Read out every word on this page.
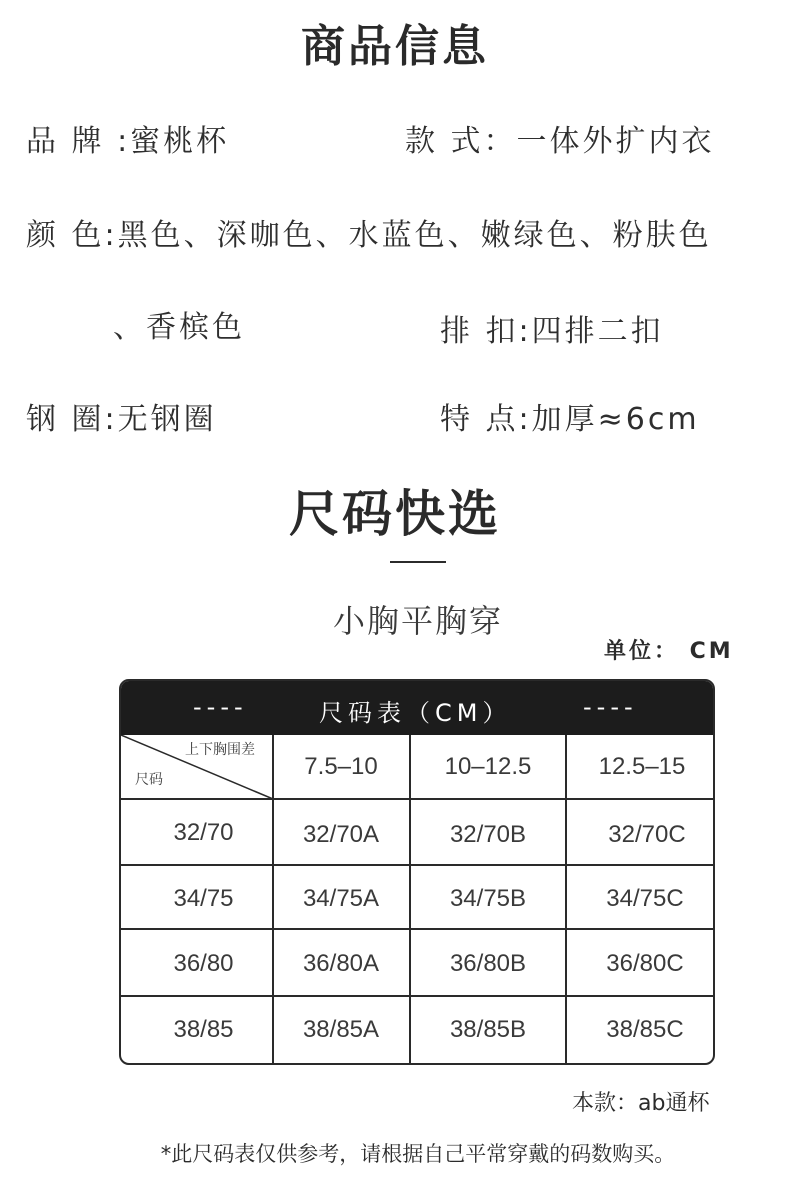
商品信息
品 牌 :蜜桃杯	款 式：一体外扩内衣
颜 色:黑色、深咖色、水蓝色、嫩绿色、粉肤色
、香槟色	排 扣:四排二扣
钢 圈:无钢圈	特 点:加厚≈6cm
尺码快选
小胸平胸穿
单位： CM
----	尺码表（CM）	----
上下胸围差
尺码	7.5–10	10–12.5	12.5–15
32/70	32/70A	32/70B	32/70C
34/75	34/75A	34/75B	34/75C
36/80	36/80A	36/80B	36/80C
38/85	38/85A	38/85B	38/85C
本款：ab通杯
*此尺码表仅供参考，请根据自己平常穿戴的码数购买。
